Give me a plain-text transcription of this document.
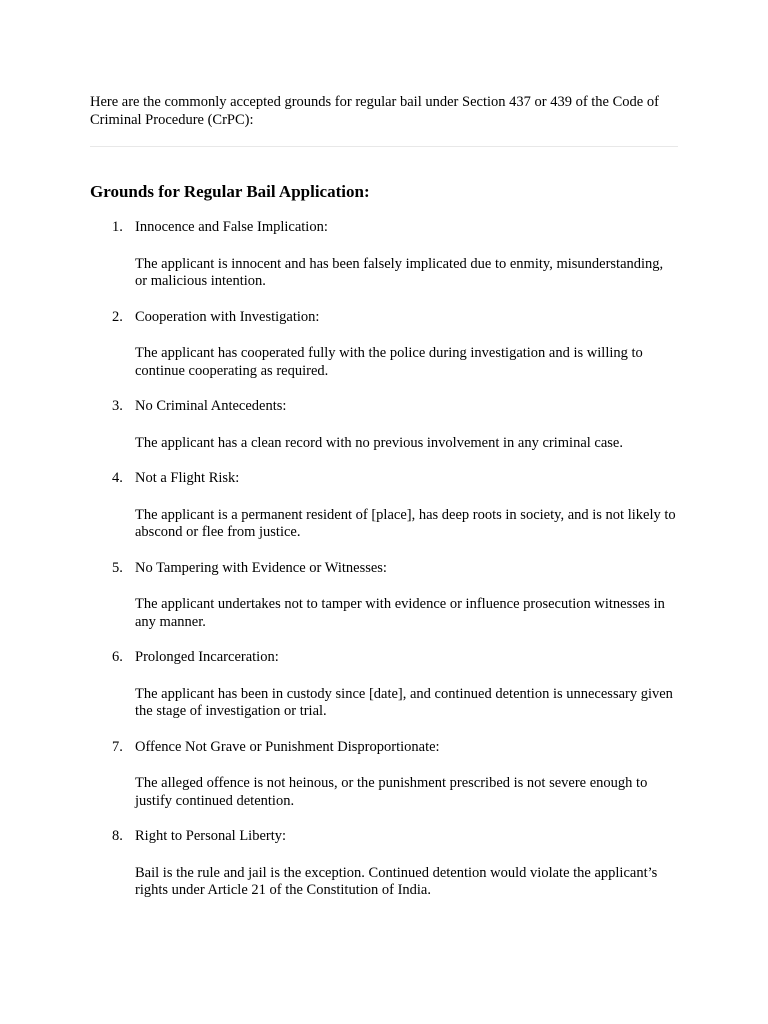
Here are the commonly accepted grounds for regular bail under Section 437 or 439 of the Code of Criminal Procedure (CrPC):

Grounds for Regular Bail Application:
1. Innocence and False Implication:
The applicant is innocent and has been falsely implicated due to enmity, misunderstanding, or malicious intention.
2. Cooperation with Investigation:
The applicant has cooperated fully with the police during investigation and is willing to continue cooperating as required.
3. No Criminal Antecedents:
The applicant has a clean record with no previous involvement in any criminal case.
4. Not a Flight Risk:
The applicant is a permanent resident of [place], has deep roots in society, and is not likely to abscond or flee from justice.
5. No Tampering with Evidence or Witnesses:
The applicant undertakes not to tamper with evidence or influence prosecution witnesses in any manner.
6. Prolonged Incarceration:
The applicant has been in custody since [date], and continued detention is unnecessary given the stage of investigation or trial.
7. Offence Not Grave or Punishment Disproportionate:
The alleged offence is not heinous, or the punishment prescribed is not severe enough to justify continued detention.
8. Right to Personal Liberty:
Bail is the rule and jail is the exception. Continued detention would violate the applicant’s rights under Article 21 of the Constitution of India.
